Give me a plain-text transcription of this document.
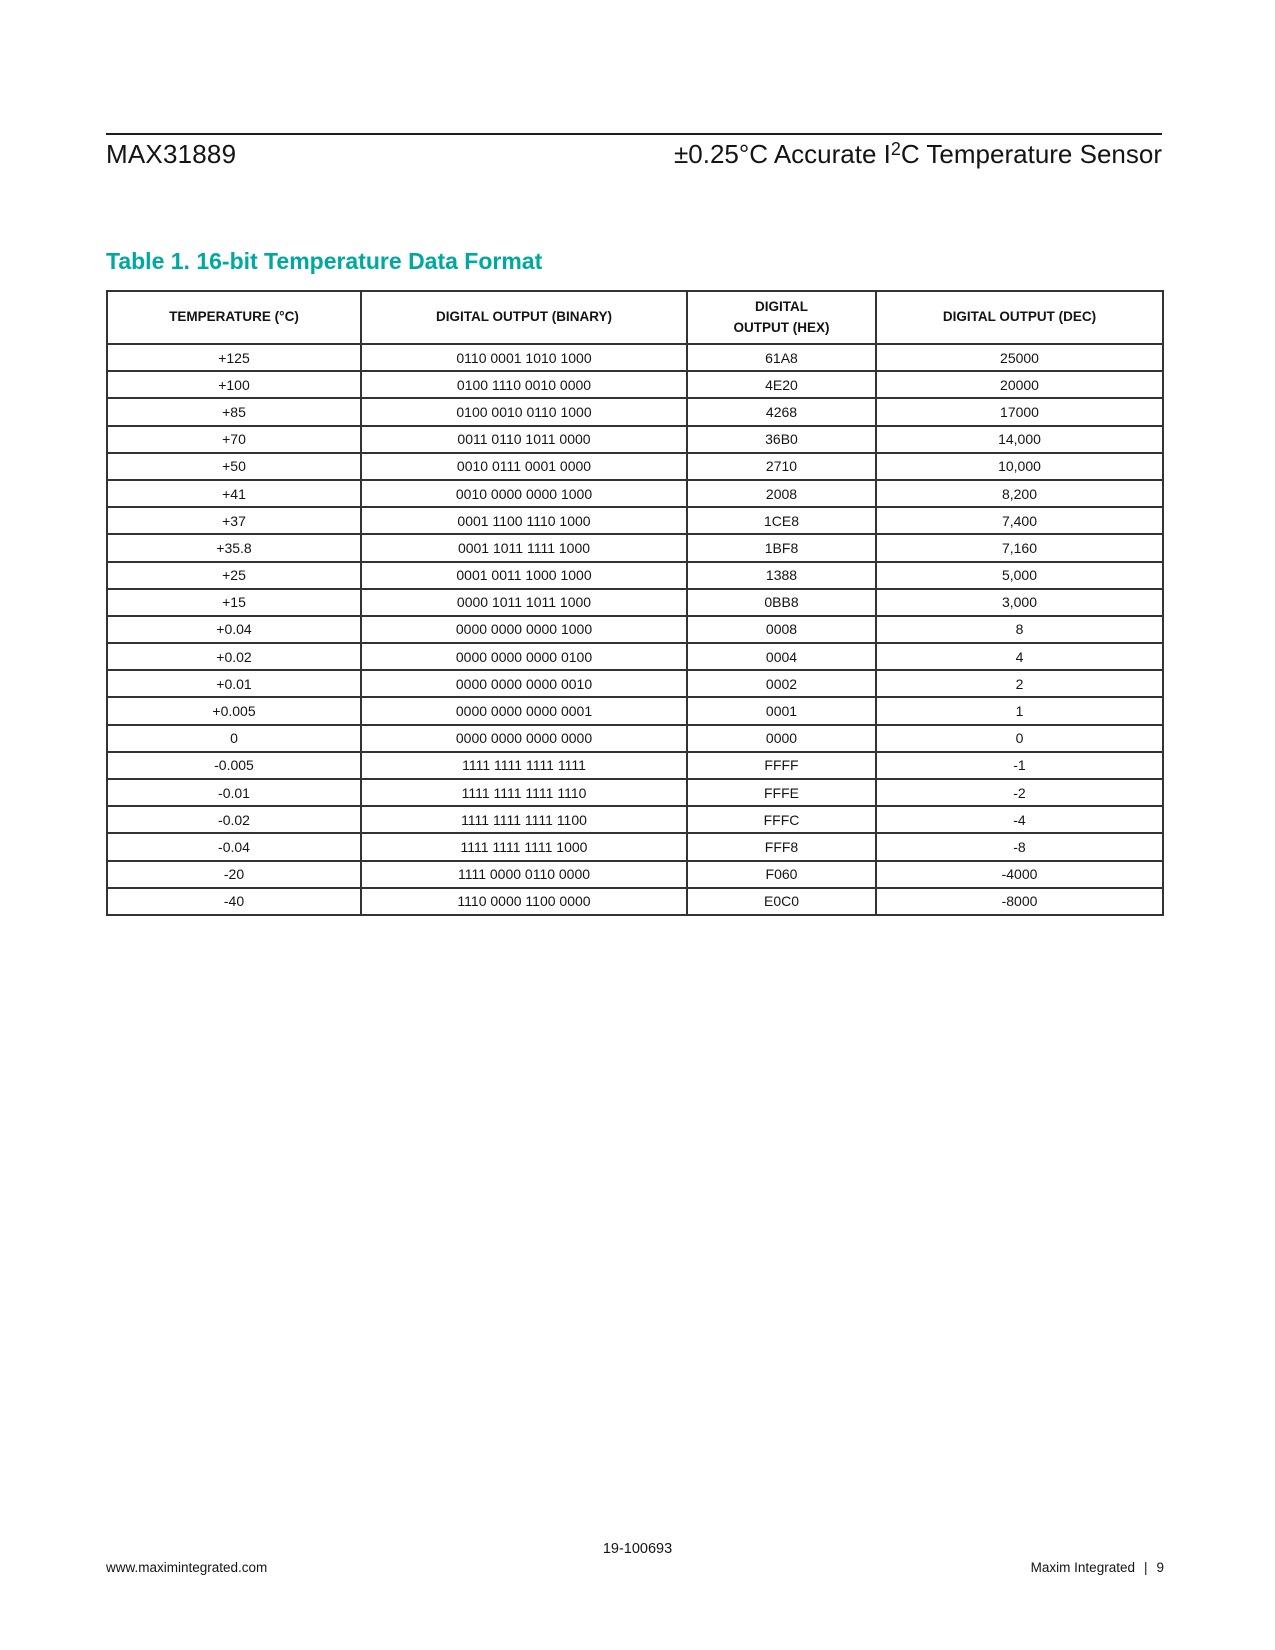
MAX31889	±0.25°C Accurate $I^2C$ Temperature Sensor
Table 1. 16-bit Temperature Data Format
TEMPERATURE (°C)	DIGITAL OUTPUT (BINARY)	DIGITAL
OUTPUT (HEX)	DIGITAL OUTPUT (DEC)
+125	0110 0001 1010 1000	61A8	25000
+100	0100 1110 0010 0000	4E20	20000
+85	0100 0010 0110 1000	4268	17000
+70	0011 0110 1011 0000	36B0	14,000
+50	0010 0111 0001 0000	2710	10,000
+41	0010 0000 0000 1000	2008	8,200
+37	0001 1100 1110 1000	1CE8	7,400
+35.8	0001 1011 1111 1000	1BF8	7,160
+25	0001 0011 1000 1000	1388	5,000
+15	0000 1011 1011 1000	0BB8	3,000
+0.04	0000 0000 0000 1000	0008	8
+0.02	0000 0000 0000 0100	0004	4
+0.01	0000 0000 0000 0010	0002	2
+0.005	0000 0000 0000 0001	0001	1
0	0000 0000 0000 0000	0000	0
-0.005	1111 1111 1111 1111	FFFF	-1
-0.01	1111 1111 1111 1110	FFFE	-2
-0.02	1111 1111 1111 1100	FFFC	-4
-0.04	1111 1111 1111 1000	FFF8	-8
-20	1111 0000 0110 0000	F060	-4000
-40	1110 0000 1100 0000	E0C0	-8000
19-100693
www.maximintegrated.com	Maxim Integrated | 9
